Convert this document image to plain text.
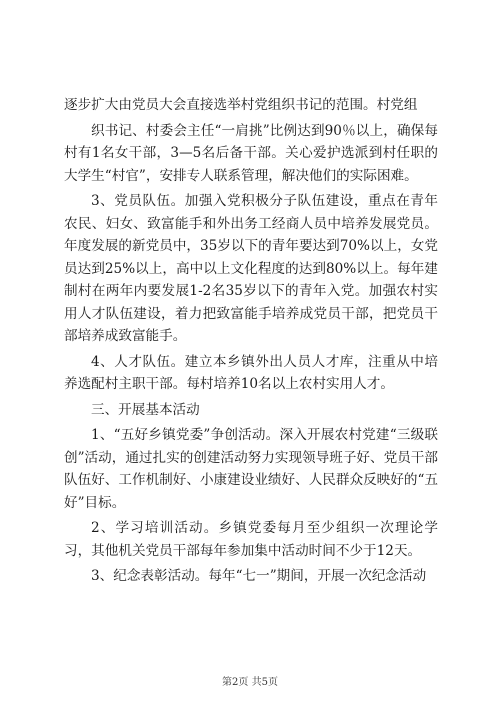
逐步扩大由党员大会直接选举村党组织书记的范围。村党组

织书记、村委会主任“一肩挑”比例达到90％以上，确保每村有1名女干部，3—5名后备干部。关心爱护选派到村任职的大学生“村官”，安排专人联系管理，解决他们的实际困难。

3、党员队伍。加强入党积极分子队伍建设，重点在青年农民、妇女、致富能手和外出务工经商人员中培养发展党员。年度发展的新党员中，35岁以下的青年要达到70%以上，女党员达到25%以上，高中以上文化程度的达到80%以上。每年建制村在两年内要发展1-2名35岁以下的青年入党。加强农村实用人才队伍建设，着力把致富能手培养成党员干部，把党员干部培养成致富能手。

4、人才队伍。建立本乡镇外出人员人才库，注重从中培养选配村主职干部。每村培养10名以上农村实用人才。

三、开展基本活动

1、“五好乡镇党委”争创活动。深入开展农村党建“三级联创”活动，通过扎实的创建活动努力实现领导班子好、党员干部队伍好、工作机制好、小康建设业绩好、人民群众反映好的“五好”目标。

2、学习培训活动。乡镇党委每月至少组织一次理论学习，其他机关党员干部每年参加集中活动时间不少于12天。

3、纪念表彰活动。每年“七一”期间，开展一次纪念活动

第2页 共5页
